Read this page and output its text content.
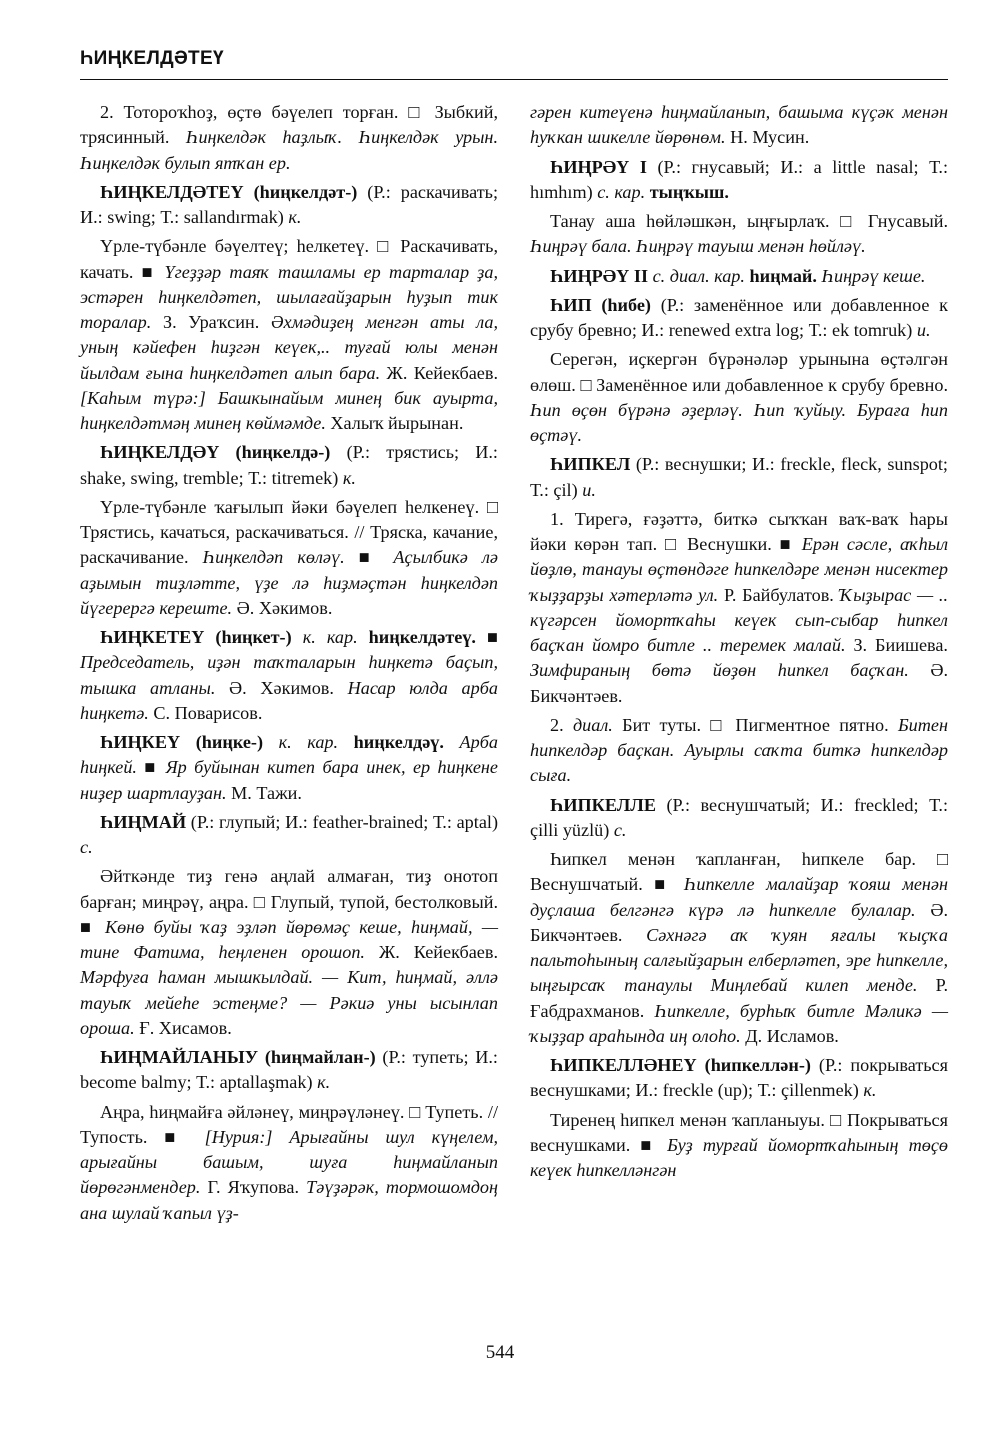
ҺИҢКЕЛДӘТЕҮ

2. Тотороҡһоҙ, өҫтө бәүелеп торған. □ Зыбкий, трясинный. Һиңкелдәк һаҙлыҡ. Һиңкелдәк урын. Һиңкелдәк булып ятҡан ер.

ҺИҢКЕЛДӘТЕҮ (һиңкелдәт-) (Р.: раскачивать; И.: swing; Т.: sallandırmak) к.

Үрле-түбәнле бәүелтеү; һелкетеү. □ Раскачивать, качать. ■ Үгеҙҙәр таяҡ ташламы ер тарталар ҙа, эстәрен һиңкелдәтеп, шылағайҙарын һуҙып тик торалар. З. Ураҡсин. Әхмәдиҙең менгән аты ла, уның кәйефен һиҙгән кеүек,.. туғай юлы менән йылдам ғына һиңкелдәтеп алып бара. Ж. Кейекбаев. [Каһым түрә:] Башкынайым минең бик ауырта, һиңкелдәтмәң минең көймәмде. Халыҡ йырынан.

ҺИҢКЕЛДӘҮ (һиңкелдә-) (Р.: трястись; И.: shake, swing, tremble; Т.: titremek) к.

Үрле-түбәнле ҡағылып йәки бәүелеп һелкенеү. □ Трястись, качаться, раскачиваться. // Тряска, качание, раскачивание. Һиңкелдәп көләү. ■ Аҫылбикә лә аҙымын тиҙләтте, үҙе лә һиҙмәҫтән һиңкелдәп йүгерергә керешт​е. Ә. Хәкимов.

ҺИҢКЕТЕҮ (һиңкет-) к. кар. һиңкелдәтеү. ■ Председатель, иҙән таҡталарын һиңкетә баҫып, тышка атланы. Ә. Хәкимов. Насар юлда арба һиңкетә. С. Поварисов.

ҺИҢКЕҮ (һиңке-) к. кар. һиңкелдәү. Арба һиңкей. ■ Яр буйынан китеп бара инек, ер һиңкене ниҙер шартлауҙан. М. Тажи.

ҺИҢМАЙ (Р.: глупый; И.: feather-brained; Т.: aptal) с.

Әйткәнде тиҙ генә аңлай алмаған, тиҙ онотоп барған; миңрәү, аңра. □ Глупый, тупой, бестолковый. ■ Көнө буйы ҡаҙ эҙләп йөрөмәҫ кеше, һиңмай, — тине Фатима, һеңленен орошоп. Ж. Кейекбаев. Мәрфуға һаман мышкылдай. — Кит, һиңмай, әллә тауыҡ мейеһе эстеңме? — Рәкиә уны ысынлап ороша. Ғ. Хисамов.

ҺИҢМАЙЛАНЫУ (һиңмайлан-) (Р.: тупеть; И.: become balmy; Т.: aptallaşmak) к.

Аңра, һиңмайға әйләнеү, миңрәүләнеү. □ Тупеть. // Тупость. ■ [Нурия:] Арығайны шул күңелем, арығайны башым, шуға һиңмайланып йөрөгәнмендер. Г. Яҡупова. Тәүҙәрәк, тормошомдоң ана шулай ҡапыл үҙ-

гәрен китеүенә һиңмайланып, башыма күҫәк менән һуҡкан шикелле йөрөнөм. Н. Мусин.

ҺИҢРӘҮ I (Р.: гнусавый; И.: a little nasal; Т.: hımhım) с. кар. тыңҡыш.

Танау аша һөйләшкән, ыңғырлаҡ. □ Гнусавый. Һиңрәү бала. Һиңрәү тауыш менән һөйләү.

ҺИҢРӘҮ II с. диал. кар. һиңмай. Һиңрәү кеше.

ҺИП (һибе) (Р.: заменённое или добавленное к срубу бревно; И.: renewed extra log; Т.: ek tomruk) и.

Серегән, иҫкергән бүрәнәләр урынына өҫтәлгән өлөш. □ Заменённое или добавленное к срубу бревно. Һип өҫөн бүрәнә әҙерләү. Һип ҡуйыу. Бураға һип өҫтәү.

ҺИПКЕЛ (Р.: веснушки; И.: freckle, fleck, sunspot; Т.: çil) и.

1. Тирегә, ғәҙәттә, биткә сыҡҡан ваҡ-ваҡ һары йәки көрән тап. □ Веснушки. ■ Ерән сәсле, аҡһыл йөҙлө, танауы өҫтөндәге һипкелдәре менән нисектер ҡыҙҙарҙы хәтерләтә ул. Р. Байбулатов. Ҡыҙырас — .. күгәрсен йомортҡаһы кеүек сып-сыбар һипкел баҫҡан йомро битле .. теремек малай. З. Биишева. Зимфираның бөтә йөҙөн һипкел баҫҡан. Ә. Бикчәнтәев.

2. диал. Бит туты. □ Пигментное пятно. Битен һипкелдәр баҫкан. Ауырлы саҡта биткә һипкелдәр сыға.

ҺИПКЕЛЛЕ (Р.: веснушчатый; И.: freckled; Т.: çilli yüzlü) с.

Һипкел менән ҡапланған, һипкеле бар. □ Веснушчатый. ■ Һипкелле малайҙар ҡояш менән дуҫлаша белгәнгә күрә лә һипкелле булалар. Ә. Бикчәнтәев. Сәхнәгә аҡ ҡуян яғалы ҡыҫҡа пальтоһының салғыйҙарын елберләтеп, эре һипкелле, ыңғырсаҡ танаулы Миңлебай килеп менде. Р. Ғабдрахманов. Һипкелле, бурһыҡ битле Мәликә — ҡыҙҙар араһында иң олоһо. Д. Исламов.

ҺИПКЕЛЛӘНЕҮ (һипкеллән-) (Р.: покрываться веснушками; И.: freckle (up); Т.: çillenmek) к.

Тиренең һипкел менән ҡапланыуы. □ Покрываться веснушками. ■ Буҙ турғай йомортҡаһының төҫө кеүек һипкелләнгән

544
